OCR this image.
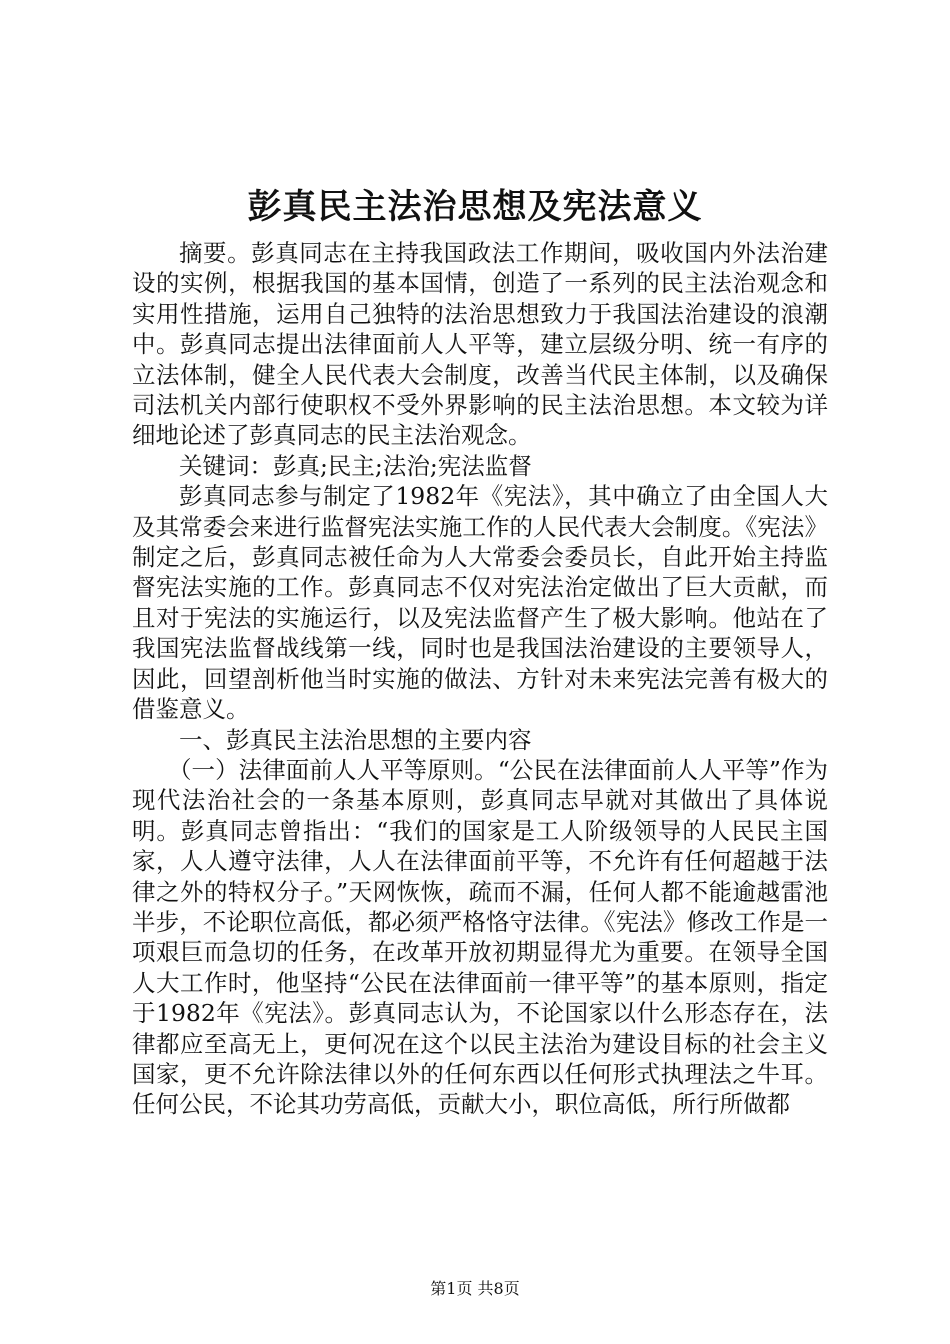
彭真民主法治思想及宪法意义

摘要。彭真同志在主持我国政法工作期间，吸收国内外法治建设的实例，根据我国的基本国情，创造了一系列的民主法治观念和实用性措施，运用自己独特的法治思想致力于我国法治建设的浪潮中。彭真同志提出法律面前人人平等，建立层级分明、统一有序的立法体制，健全人民代表大会制度，改善当代民主体制，以及确保司法机关内部行使职权不受外界影响的民主法治思想。本文较为详细地论述了彭真同志的民主法治观念。

关键词：彭真;民主;法治;宪法监督

彭真同志参与制定了1982年《宪法》，其中确立了由全国人大及其常委会来进行监督宪法实施工作的人民代表大会制度。《宪法》制定之后，彭真同志被任命为人大常委会委员长，自此开始主持监督宪法实施的工作。彭真同志不仅对宪法治定做出了巨大贡献，而且对于宪法的实施运行，以及宪法监督产生了极大影响。他站在了我国宪法监督战线第一线，同时也是我国法治建设的主要领导人，因此，回望剖析他当时实施的做法、方针对未来宪法完善有极大的借鉴意义。

一、彭真民主法治思想的主要内容

（一）法律面前人人平等原则。“公民在法律面前人人平等”作为现代法治社会的一条基本原则，彭真同志早就对其做出了具体说明。彭真同志曾指出：“我们的国家是工人阶级领导的人民民主国家，人人遵守法律，人人在法律面前平等，不允许有任何超越于法律之外的特权分子。”天网恢恢，疏而不漏，任何人都不能逾越雷池半步，不论职位高低，都必须严格恪守法律。《宪法》修改工作是一项艰巨而急切的任务，在改革开放初期显得尤为重要。在领导全国人大工作时，他坚持“公民在法律面前一律平等”的基本原则，指定于1982年《宪法》。彭真同志认为，不论国家以什么形态存在，法律都应至高无上，更何况在这个以民主法治为建设目标的社会主义国家，更不允许除法律以外的任何东西以任何形式执理法之牛耳。任何公民，不论其功劳高低，贡献大小，职位高低，所行所做都

第1页 共8页
